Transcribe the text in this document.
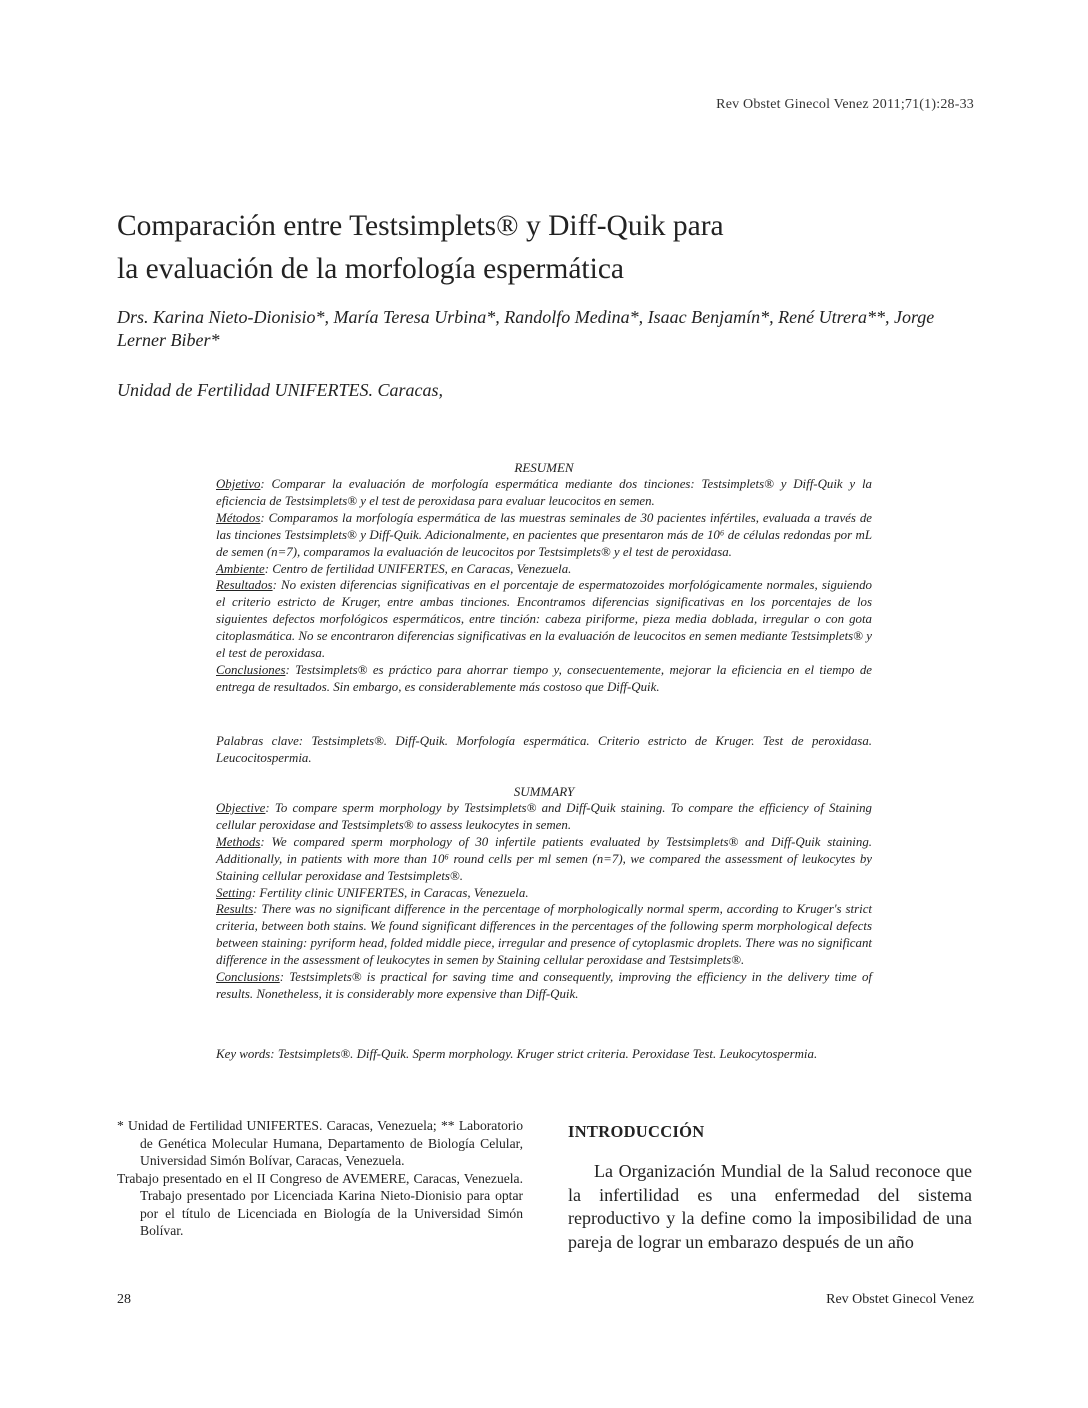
Rev Obstet Ginecol Venez 2011;71(1):28-33
Comparación entre Testsimplets® y Diff-Quik para
la evaluación de la morfología espermática
Drs. Karina Nieto-Dionisio*, María Teresa Urbina*, Randolfo Medina*, Isaac Benjamín*, René Utrera**, Jorge Lerner Biber*
Unidad de Fertilidad UNIFERTES. Caracas,
RESUMEN

Objetivo: Comparar la evaluación de morfología espermática mediante dos tinciones: Testsimplets® y Diff-Quik y la eficiencia de Testsimplets® y el test de peroxidasa para evaluar leucocitos en semen.

Métodos: Comparamos la morfología espermática de las muestras seminales de 30 pacientes infértiles, evaluada a través de las tinciones Testsimplets® y Diff-Quik. Adicionalmente, en pacientes que presentaron más de 10⁶ de células redondas por mL de semen (n=7), comparamos la evaluación de leucocitos por Testsimplets® y el test de peroxidasa.

Ambiente: Centro de fertilidad UNIFERTES, en Caracas, Venezuela.

Resultados: No existen diferencias significativas en el porcentaje de espermatozoides morfológicamente normales, siguiendo el criterio estricto de Kruger, entre ambas tinciones. Encontramos diferencias significativas en los porcentajes de los siguientes defectos morfológicos espermáticos, entre tinción: cabeza piriforme, pieza media doblada, irregular o con gota citoplasmática. No se encontraron diferencias significativas en la evaluación de leucocitos en semen mediante Testsimplets® y el test de peroxidasa.

Conclusiones: Testsimplets® es práctico para ahorrar tiempo y, consecuentemente, mejorar la eficiencia en el tiempo de entrega de resultados. Sin embargo, es considerablemente más costoso que Diff-Quik.

Palabras clave: Testsimplets®. Diff-Quik. Morfología espermática. Criterio estricto de Kruger. Test de peroxidasa. Leucocitospermia.

SUMMARY

Objective: To compare sperm morphology by Testsimplets® and Diff-Quik staining. To compare the efficiency of Staining cellular peroxidase and Testsimplets® to assess leukocytes in semen.

Methods: We compared sperm morphology of 30 infertile patients evaluated by Testsimplets® and Diff-Quik staining. Additionally, in patients with more than 10⁶ round cells per ml semen (n=7), we compared the assessment of leukocytes by Staining cellular peroxidase and Testsimplets®.

Setting: Fertility clinic UNIFERTES, in Caracas, Venezuela.

Results: There was no significant difference in the percentage of morphologically normal sperm, according to Kruger's strict criteria, between both stains. We found significant differences in the percentages of the following sperm morphological defects between staining: pyriform head, folded middle piece, irregular and presence of cytoplasmic droplets. There was no significant difference in the assessment of leukocytes in semen by Staining cellular peroxidase and Testsimplets®.

Conclusions: Testsimplets® is practical for saving time and consequently, improving the efficiency in the delivery time of results. Nonetheless, it is considerably more expensive than Diff-Quik.

Key words: Testsimplets®. Diff-Quik. Sperm morphology. Kruger strict criteria. Peroxidase Test. Leukocytospermia.

* Unidad de Fertilidad UNIFERTES. Caracas, Venezuela; ** Laboratorio de Genética Molecular Humana, Departamento de Biología Celular, Universidad Simón Bolívar, Caracas, Venezuela.

Trabajo presentado en el II Congreso de AVEMERE, Caracas, Venezuela. Trabajo presentado por Licenciada Karina Nieto-Dionisio para optar por el título de Licenciada en Biología de la Universidad Simón Bolívar.

INTRODUCCIÓN

La Organización Mundial de la Salud reconoce que la infertilidad es una enfermedad del sistema reproductivo y la define como la imposibilidad de una pareja de lograr un embarazo después de un año

28	Rev Obstet Ginecol Venez
